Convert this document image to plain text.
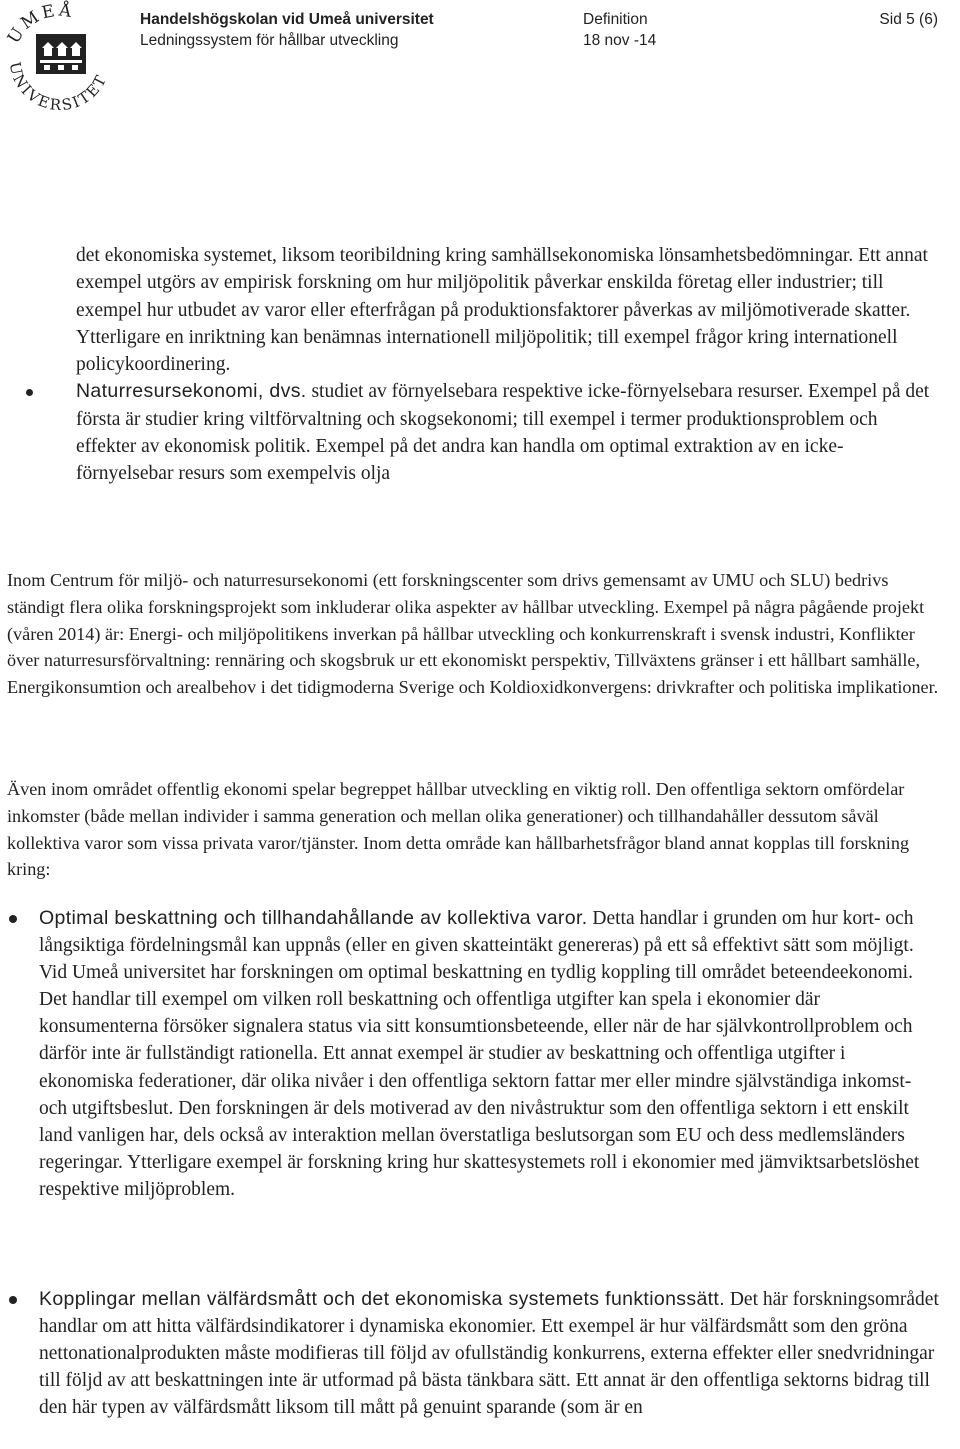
UMEÅ
UNIVERSITET
Handelshögskolan vid Umeå universitet
Ledningssystem för hållbar utveckling
Definition
18 nov -14
Sid 5 (6)

det ekonomiska systemet, liksom teoribildning kring samhällsekonomiska lönsamhetsbedömningar. Ett annat exempel utgörs av empirisk forskning om hur miljöpolitik påverkar enskilda företag eller industrier; till exempel hur utbudet av varor eller efterfrågan på produktionsfaktorer påverkas av miljömotiverade skatter. Ytterligare en inriktning kan benämnas internationell miljöpolitik; till exempel frågor kring internationell policykoordinering.

Naturresursekonomi, dvs. studiet av förnyelsebara respektive icke-förnyelsebara resurser. Exempel på det första är studier kring viltförvaltning och skogsekonomi; till exempel i termer produktionsproblem och effekter av ekonomisk politik. Exempel på det andra kan handla om optimal extraktion av en icke-förnyelsebar resurs som exempelvis olja

Inom Centrum för miljö- och naturresursekonomi (ett forskningscenter som drivs gemensamt av UMU och SLU) bedrivs ständigt flera olika forskningsprojekt som inkluderar olika aspekter av hållbar utveckling. Exempel på några pågående projekt (våren 2014) är: Energi- och miljöpolitikens inverkan på hållbar utveckling och konkurrenskraft i svensk industri, Konflikter över naturresursförvaltning: rennäring och skogsbruk ur ett ekonomiskt perspektiv, Tillväxtens gränser i ett hållbart samhälle, Energikonsumtion och arealbehov i det tidigmoderna Sverige och Koldioxidkonvergens: drivkrafter och politiska implikationer.

Även inom området offentlig ekonomi spelar begreppet hållbar utveckling en viktig roll. Den offentliga sektorn omfördelar inkomster (både mellan individer i samma generation och mellan olika generationer) och tillhandahåller dessutom såväl kollektiva varor som vissa privata varor/tjänster. Inom detta område kan hållbarhetsfrågor bland annat kopplas till forskning kring:

Optimal beskattning och tillhandahållande av kollektiva varor. Detta handlar i grunden om hur kort- och långsiktiga fördelningsmål kan uppnås (eller en given skatteintäkt genereras) på ett så effektivt sätt som möjligt. Vid Umeå universitet har forskningen om optimal beskattning en tydlig koppling till området beteendeekonomi. Det handlar till exempel om vilken roll beskattning och offentliga utgifter kan spela i ekonomier där konsumenterna försöker signalera status via sitt konsumtionsbeteende, eller när de har självkontrollproblem och därför inte är fullständigt rationella. Ett annat exempel är studier av beskattning och offentliga utgifter i ekonomiska federationer, där olika nivåer i den offentliga sektorn fattar mer eller mindre självständiga inkomst- och utgiftsbeslut. Den forskningen är dels motiverad av den nivåstruktur som den offentliga sektorn i ett enskilt land vanligen har, dels också av interaktion mellan överstatliga beslutsorgan som EU och dess medlemsländers regeringar. Ytterligare exempel är forskning kring hur skattesystemets roll i ekonomier med jämviktsarbetslöshet respektive miljöproblem.

Kopplingar mellan välfärdsmått och det ekonomiska systemets funktionssätt. Det här forskningsområdet handlar om att hitta välfärdsindikatorer i dynamiska ekonomier. Ett exempel är hur välfärdsmått som den gröna nettonationalprodukten måste modifieras till följd av ofullständig konkurrens, externa effekter eller snedvridningar till följd av att beskattningen inte är utformad på bästa tänkbara sätt. Ett annat är den offentliga sektorns bidrag till den här typen av välfärdsmått liksom till mått på genuint sparande (som är en
